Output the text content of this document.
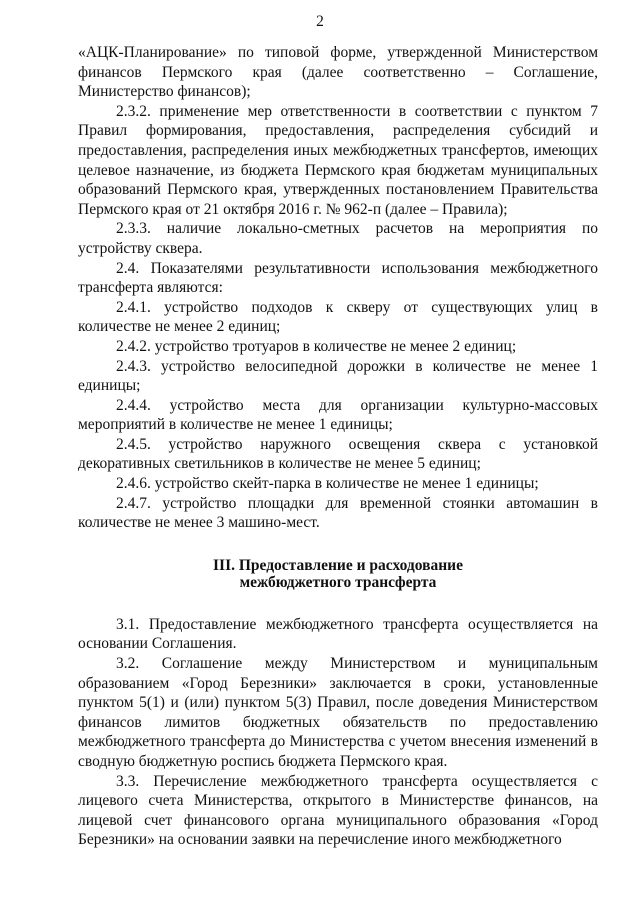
2

«АЦК-Планирование» по типовой форме, утвержденной Министерством финансов Пермского края (далее соответственно – Соглашение, Министерство финансов);

2.3.2. применение мер ответственности в соответствии с пунктом 7 Правил формирования, предоставления, распределения субсидий и предоставления, распределения иных межбюджетных трансфертов, имеющих целевое назначение, из бюджета Пермского края бюджетам муниципальных образований Пермского края, утвержденных постановлением Правительства Пермского края от 21 октября 2016 г. № 962-п (далее – Правила);

2.3.3. наличие локально-сметных расчетов на мероприятия по устройству сквера.

2.4. Показателями результативности использования межбюджетного трансферта являются:

2.4.1. устройство подходов к скверу от существующих улиц в количестве не менее 2 единиц;

2.4.2. устройство тротуаров в количестве не менее 2 единиц;

2.4.3. устройство велосипедной дорожки в количестве не менее 1 единицы;

2.4.4. устройство места для организации культурно-массовых мероприятий в количестве не менее 1 единицы;

2.4.5. устройство наружного освещения сквера с установкой декоративных светильников в количестве не менее 5 единиц;

2.4.6. устройство скейт-парка в количестве не менее 1 единицы;

2.4.7. устройство площадки для временной стоянки автомашин в количестве не менее 3 машино-мест.

III. Предоставление и расходование
межбюджетного трансферта

3.1. Предоставление межбюджетного трансферта осуществляется на основании Соглашения.

3.2. Соглашение между Министерством и муниципальным образованием «Город Березники» заключается в сроки, установленные пунктом 5(1) и (или) пунктом 5(3) Правил, после доведения Министерством финансов лимитов бюджетных обязательств по предоставлению межбюджетного трансферта до Министерства с учетом внесения изменений в сводную бюджетную роспись бюджета Пермского края.

3.3. Перечисление межбюджетного трансферта осуществляется с лицевого счета Министерства, открытого в Министерстве финансов, на лицевой счет финансового органа муниципального образования «Город Березники» на основании заявки на перечисление иного межбюджетного
